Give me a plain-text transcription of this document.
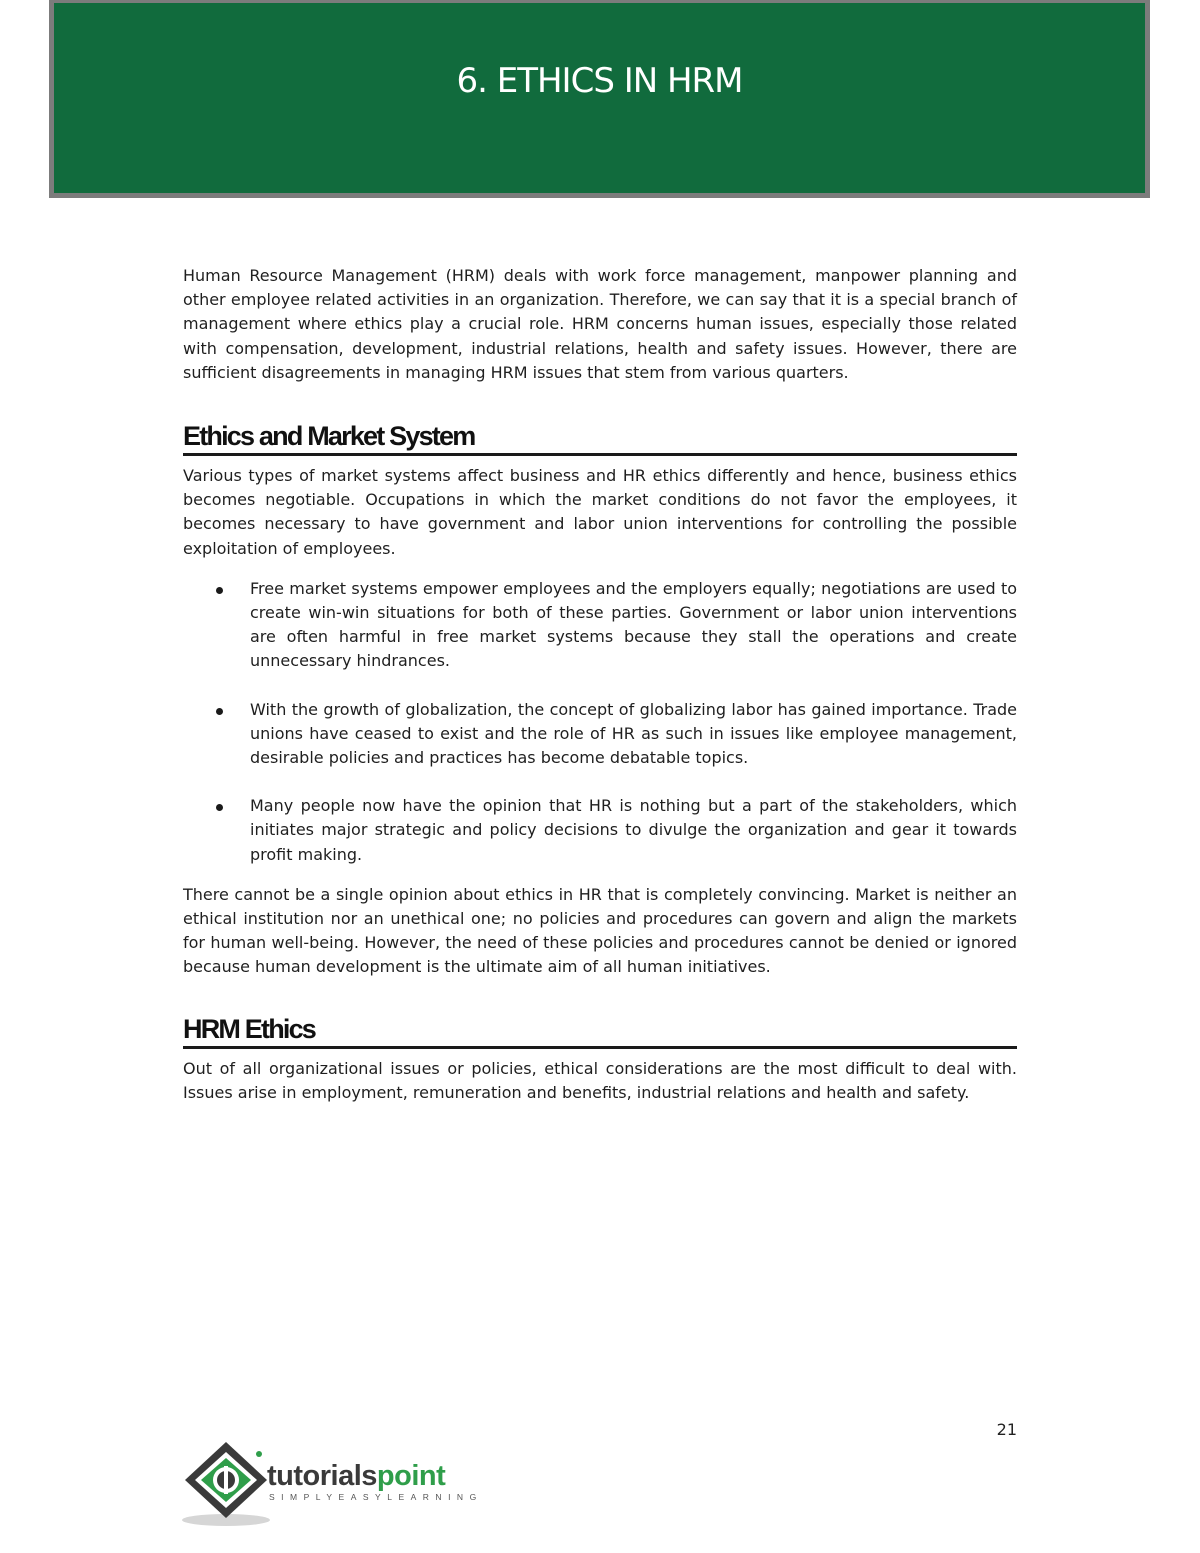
6. ETHICS IN HRM

Human Resource Management (HRM) deals with work force management, manpower planning and other employee related activities in an organization. Therefore, we can say that it is a special branch of management where ethics play a crucial role. HRM concerns human issues, especially those related with compensation, development, industrial relations, health and safety issues. However, there are sufficient disagreements in managing HRM issues that stem from various quarters.

Ethics and Market System

Various types of market systems affect business and HR ethics differently and hence, business ethics becomes negotiable. Occupations in which the market conditions do not favor the employees, it becomes necessary to have government and labor union interventions for controlling the possible exploitation of employees.

Free market systems empower employees and the employers equally; negotiations are used to create win-win situations for both of these parties. Government or labor union interventions are often harmful in free market systems because they stall the operations and create unnecessary hindrances.
With the growth of globalization, the concept of globalizing labor has gained importance. Trade unions have ceased to exist and the role of HR as such in issues like employee management, desirable policies and practices has become debatable topics.
Many people now have the opinion that HR is nothing but a part of the stakeholders, which initiates major strategic and policy decisions to divulge the organization and gear it towards profit making.

There cannot be a single opinion about ethics in HR that is completely convincing. Market is neither an ethical institution nor an unethical one; no policies and procedures can govern and align the markets for human well-being. However, the need of these policies and procedures cannot be denied or ignored because human development is the ultimate aim of all human initiatives.

HRM Ethics

Out of all organizational issues or policies, ethical considerations are the most difficult to deal with. Issues arise in employment, remuneration and benefits, industrial relations and health and safety.

21
tutorialspoint
SIMPLYEASYLEARNING
